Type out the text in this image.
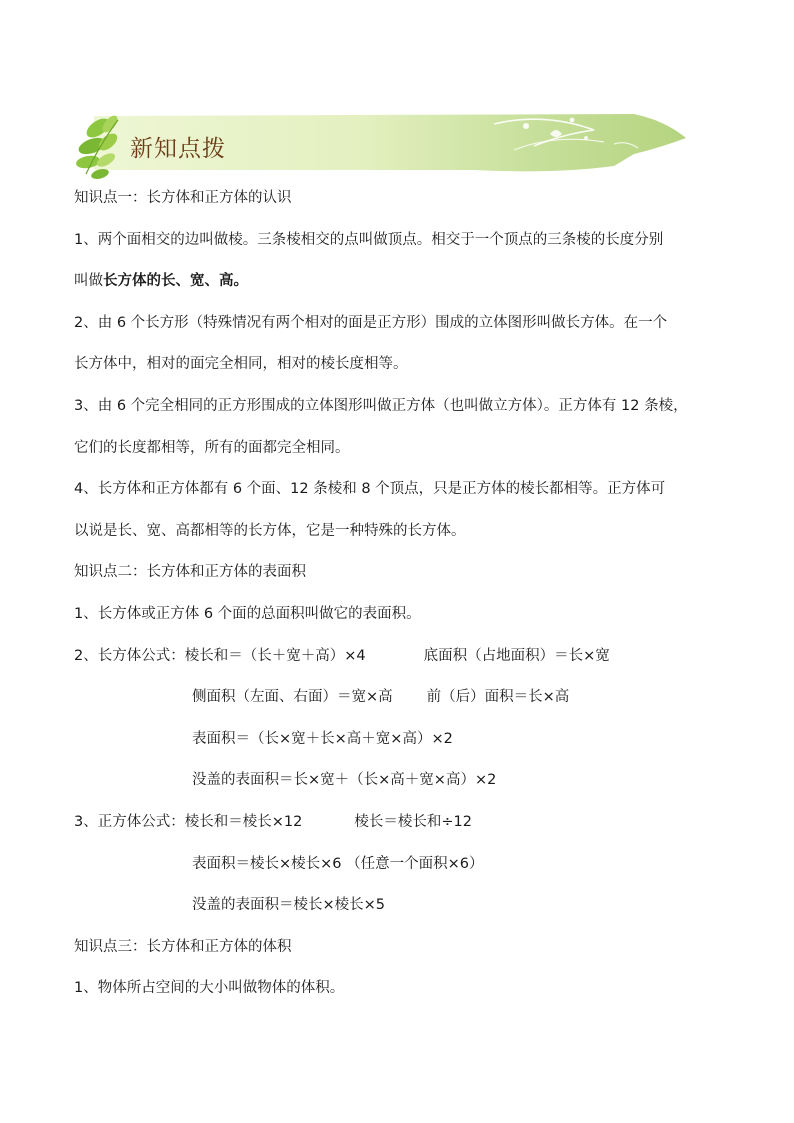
新知点拨
知识点一：长方体和正方体的认识
1、两个面相交的边叫做棱。三条棱相交的点叫做顶点。相交于一个顶点的三条棱的长度分别
叫做长方体的长、宽、高。
2、由 6 个长方形（特殊情况有两个相对的面是正方形）围成的立体图形叫做长方体。在一个
长方体中，相对的面完全相同，相对的棱长度相等。
3、由 6 个完全相同的正方形围成的立体图形叫做正方体（也叫做立方体）。正方体有 12 条棱，
它们的长度都相等，所有的面都完全相同。
4、长方体和正方体都有 6 个面、12 条棱和 8 个顶点，只是正方体的棱长都相等。正方体可
以说是长、宽、高都相等的长方体，它是一种特殊的长方体。
知识点二：长方体和正方体的表面积
1、长方体或正方体 6 个面的总面积叫做它的表面积。
2、长方体公式：棱长和＝（长＋宽＋高）×4	底面积（占地面积）＝长×宽
侧面积（左面、右面）＝宽×高 前（后）面积＝长×高
表面积＝（长×宽＋长×高＋宽×高）×2
没盖的表面积＝长×宽＋（长×高＋宽×高）×2
3、正方体公式：棱长和＝棱长×12	棱长＝棱长和÷12
表面积＝棱长×棱长×6 （任意一个面积×6）
没盖的表面积＝棱长×棱长×5
知识点三：长方体和正方体的体积
1、物体所占空间的大小叫做物体的体积。
